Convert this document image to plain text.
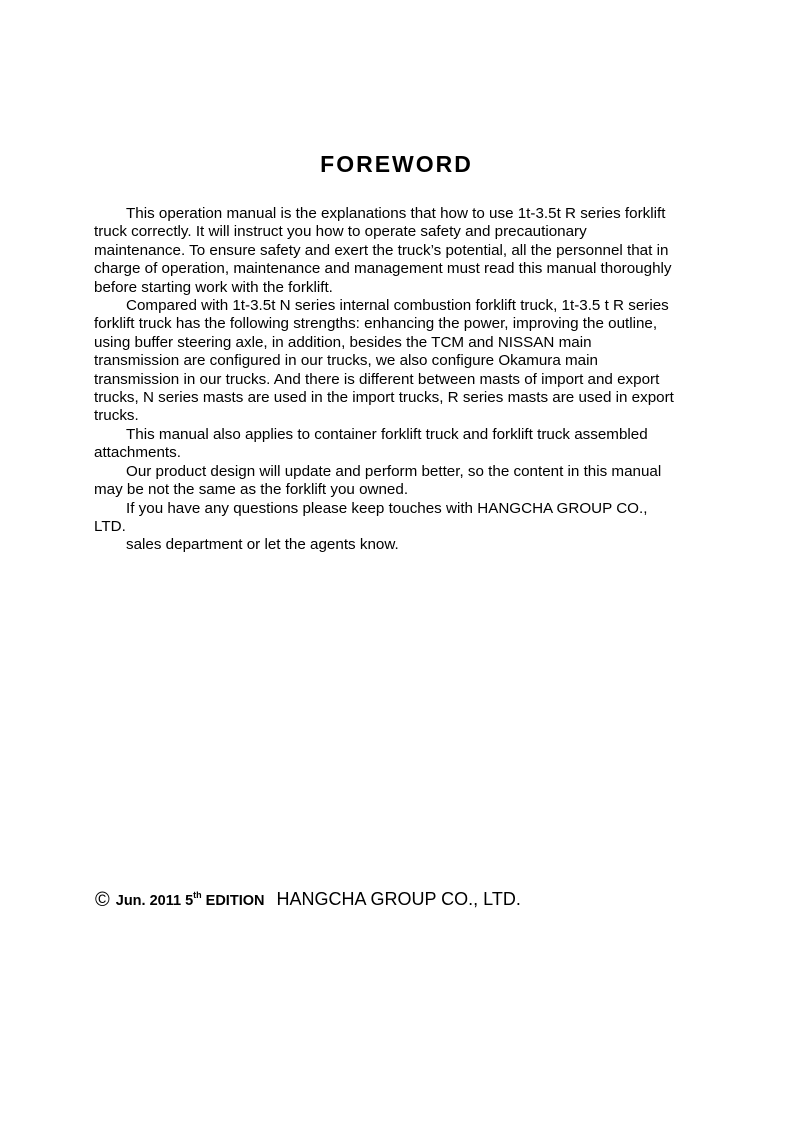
FOREWORD
This operation manual is the explanations that how to use 1t-3.5t R series forklift
truck correctly. It will instruct you how to operate safety and precautionary
maintenance. To ensure safety and exert the truck’s potential, all the personnel that in
charge of operation, maintenance and management must read this manual thoroughly
before starting work with the forklift.
Compared with 1t-3.5t N series internal combustion forklift truck, 1t-3.5 t R series
forklift truck has the following strengths: enhancing the power, improving the outline,
using buffer steering axle, in addition, besides the TCM and NISSAN main
transmission are configured in our trucks, we also configure Okamura main
transmission in our trucks. And there is different between masts of import and export
trucks, N series masts are used in the import trucks, R series masts are used in export
trucks.
This manual also applies to container forklift truck and forklift truck assembled
attachments.
Our product design will update and perform better, so the content in this manual
may be not the same as the forklift you owned.
If you have any questions please keep touches with HANGCHA GROUP CO.,
LTD.
sales department or let the agents know.
© Jun. 2011 5th EDITION HANGCHA GROUP CO., LTD.
